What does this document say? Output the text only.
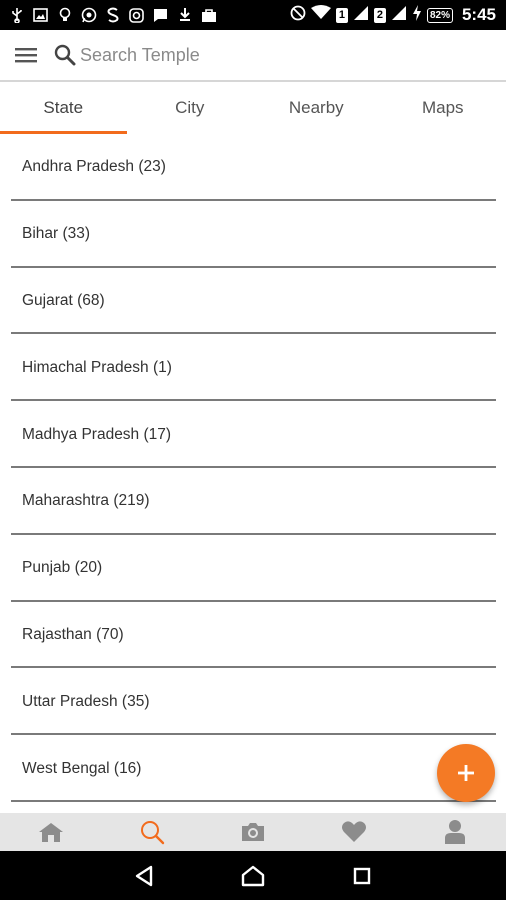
1	2	82% 5:45
Search Temple
State	City	Nearby	Maps
Andhra Pradesh (23)
Bihar (33)
Gujarat (68)
Himachal Pradesh (1)
Madhya Pradesh (17)
Maharashtra (219)
Punjab (20)
Rajasthan (70)
Uttar Pradesh (35)
West Bengal (16)
